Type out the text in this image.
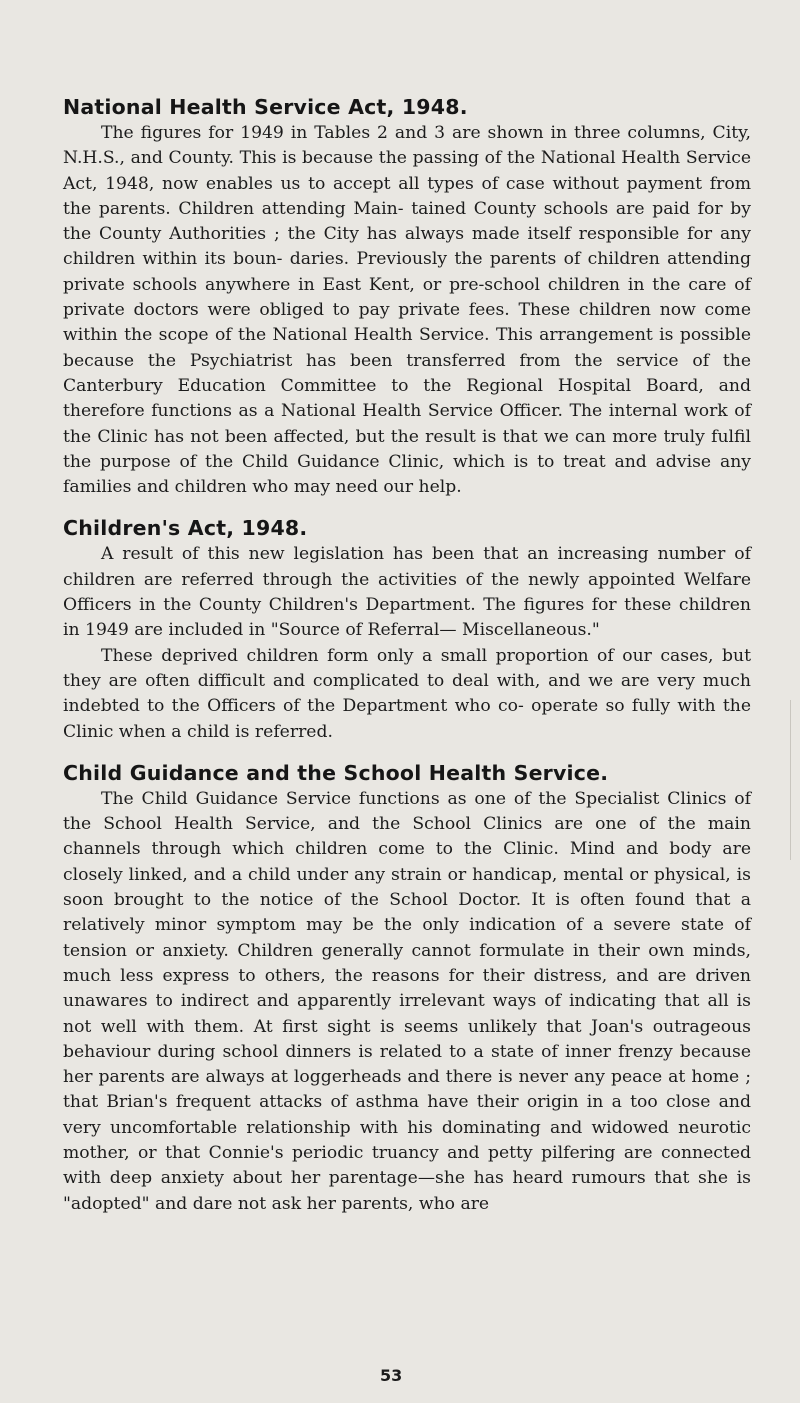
National Health Service Act, 1948.

The figures for 1949 in Tables 2 and 3 are shown in three columns, City, N.H.S., and County. This is because the passing of the National Health Service Act, 1948, now enables us to accept all types of case without payment from the parents. Children attending Main- tained County schools are paid for by the County Authorities ; the City has always made itself responsible for any children within its boun- daries. Previously the parents of children attending private schools anywhere in East Kent, or pre-school children in the care of private doctors were obliged to pay private fees. These children now come within the scope of the National Health Service. This arrangement is possible because the Psychiatrist has been transferred from the service of the Canterbury Education Committee to the Regional Hospital Board, and therefore functions as a National Health Service Officer. The internal work of the Clinic has not been affected, but the result is that we can more truly fulfil the purpose of the Child Guidance Clinic, which is to treat and advise any families and children who may need our help.

Children's Act, 1948.

A result of this new legislation has been that an increasing number of children are referred through the activities of the newly appointed Welfare Officers in the County Children's Department. The figures for these children in 1949 are included in "Source of Referral— Miscellaneous."

These deprived children form only a small proportion of our cases, but they are often difficult and complicated to deal with, and we are very much indebted to the Officers of the Department who co- operate so fully with the Clinic when a child is referred.

Child Guidance and the School Health Service.

The Child Guidance Service functions as one of the Specialist Clinics of the School Health Service, and the School Clinics are one of the main channels through which children come to the Clinic. Mind and body are closely linked, and a child under any strain or handicap, mental or physical, is soon brought to the notice of the School Doctor. It is often found that a relatively minor symptom may be the only indication of a severe state of tension or anxiety. Children generally cannot formulate in their own minds, much less express to others, the reasons for their distress, and are driven unawares to indirect and apparently irrelevant ways of indicating that all is not well with them. At first sight is seems unlikely that Joan's outrageous behaviour during school dinners is related to a state of inner frenzy because her parents are always at loggerheads and there is never any peace at home ; that Brian's frequent attacks of asthma have their origin in a too close and very uncomfortable relationship with his dominating and widowed neurotic mother, or that Connie's periodic truancy and petty pilfering are connected with deep anxiety about her parentage—she has heard rumours that she is "adopted" and dare not ask her parents, who are

53
